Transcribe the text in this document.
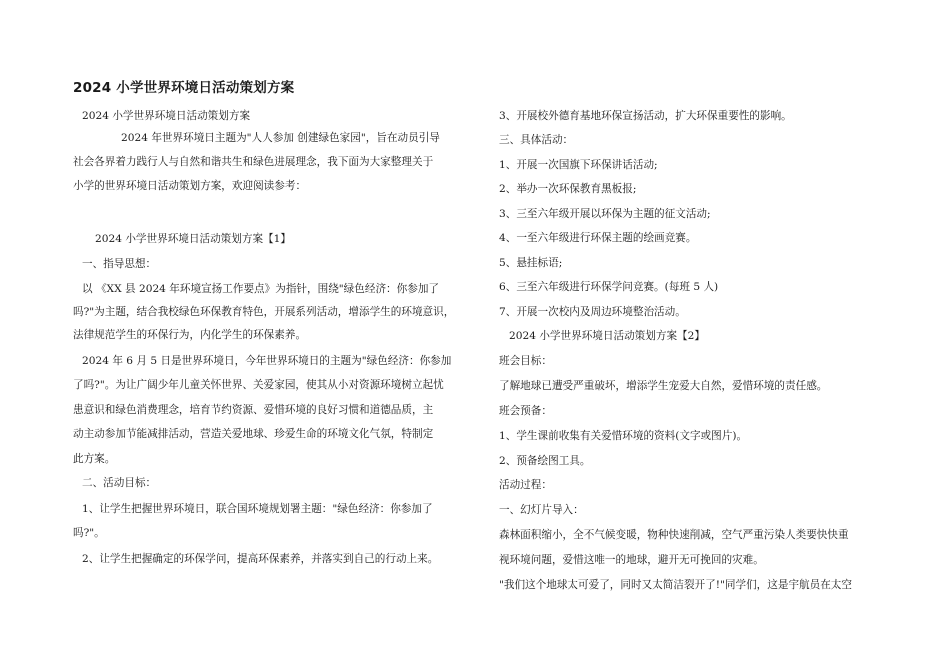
2024 小学世界环境日活动策划方案
2024 小学世界环境日活动策划方案
2024 年世界环境日主题为"人人参加 创建绿色家园"，旨在动员引导
社会各界着力践行人与自然和谐共生和绿色进展理念，我下面为大家整理关于
小学的世界环境日活动策划方案，欢迎阅读参考：
2024 小学世界环境日活动策划方案【1】
一、指导思想：
以 《XX 县 2024 年环境宣扬工作要点》为指针，围绕"绿色经济：你参加了
吗?"为主题，结合我校绿色环保教育特色，开展系列活动，增添学生的环境意识，
法律规范学生的环保行为，内化学生的环保素养。
2024 年 6 月 5 日是世界环境日，今年世界环境日的主题为"绿色经济：你参加
了吗?"。为让广阔少年儿童关怀世界、关爱家园，使其从小对资源环境树立起忧
患意识和绿色消费理念，培育节约资源、爱惜环境的良好习惯和道德品质，主
动主动参加节能减排活动，营造关爱地球、珍爱生命的环境文化气氛，特制定
此方案。
二、活动目标：
1、让学生把握世界环境日，联合国环境规划署主题："绿色经济：你参加了
吗?"。
2、让学生把握确定的环保学问，提高环保素养，并落实到自己的行动上来。
3、开展校外德育基地环保宣扬活动，扩大环保重要性的影响。
三、具体活动：
1、开展一次国旗下环保讲话活动;
2、举办一次环保教育黑板报;
3、三至六年级开展以环保为主题的征文活动;
4、一至六年级进行环保主题的绘画竞赛。
5、悬挂标语;
6、三至六年级进行环保学问竞赛。(每班 5 人)
7、开展一次校内及周边环境整治活动。
2024 小学世界环境日活动策划方案【2】
班会目标：
了解地球已遭受严重破坏，增添学生宠爱大自然，爱惜环境的责任感。
班会预备：
1、学生课前收集有关爱惜环境的资料(文字或图片)。
2、预备绘图工具。
活动过程：
一、幻灯片导入：
森林面积缩小，全不气候变暖，物种快速削减，空气严重污染人类要快快重
视环境问题，爱惜这唯一的地球，避开无可挽回的灾难。
"我们这个地球太可爱了，同时又太简洁裂开了!"同学们，这是宇航员在太空
